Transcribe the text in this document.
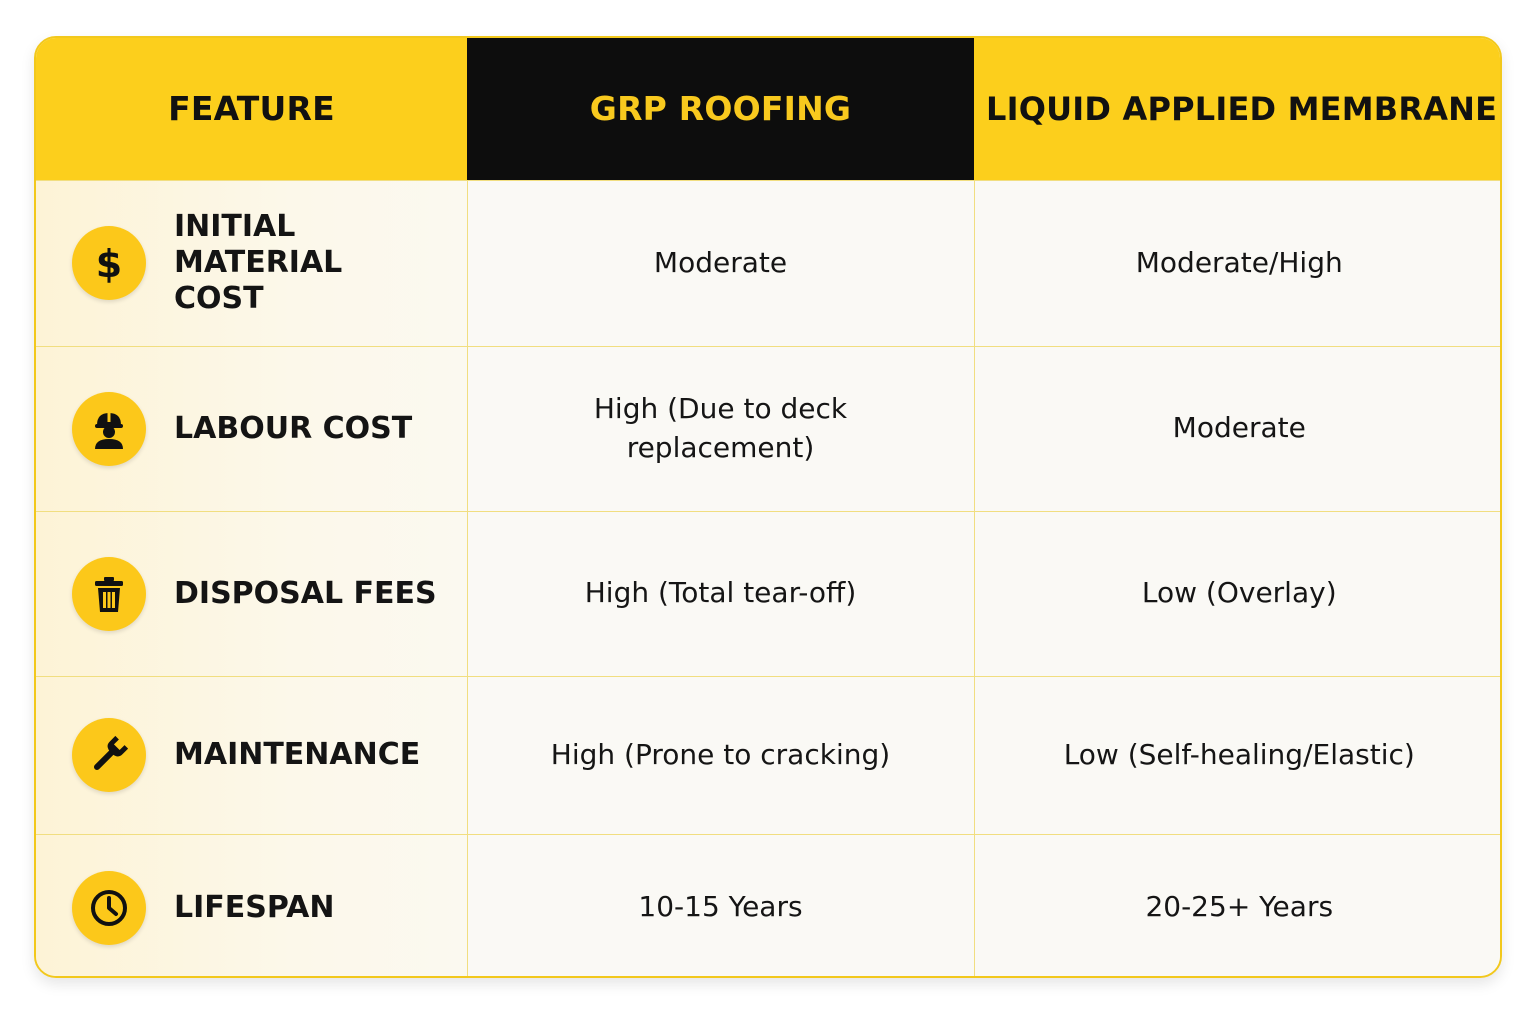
FEATURE	GRP ROOFING	LIQUID APPLIED MEMBRANE

$
INITIAL MATERIAL COST	Moderate	Moderate/High

LABOUR COST	High (Due to deck replacement)	Moderate

DISPOSAL FEES	High (Total tear-off)	Low (Overlay)

MAINTENANCE	High (Prone to cracking)	Low (Self-healing/Elastic)

LIFESPAN	10-15 Years	20-25+ Years
